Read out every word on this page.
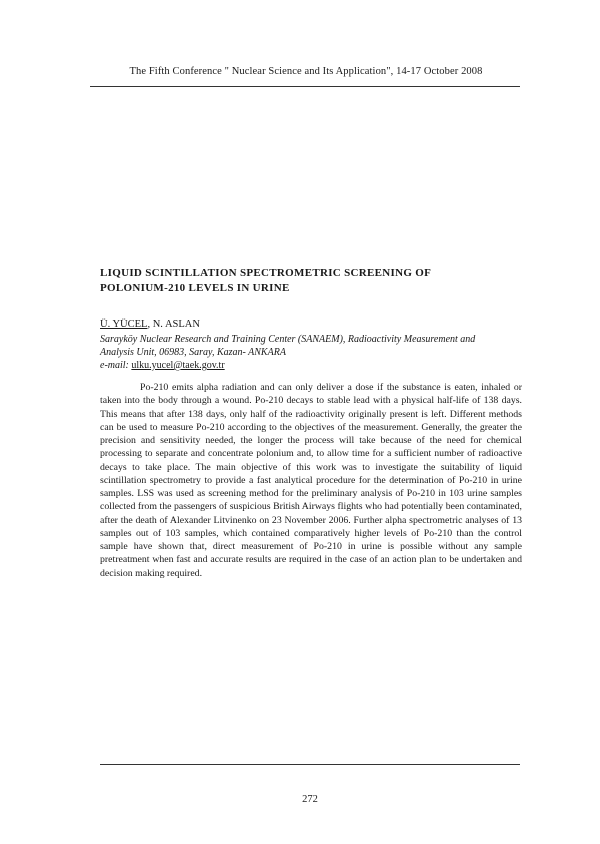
The Fifth Conference " Nuclear Science and Its Application", 14-17 October 2008
LIQUID SCINTILLATION SPECTROMETRIC SCREENING OF
POLONIUM-210 LEVELS IN URINE
Ü. YÜCEL, N. ASLAN
Sarayköy Nuclear Research and Training Center (SANAEM), Radioactivity Measurement and
Analysis Unit, 06983, Saray, Kazan- ANKARA
e-mail: ulku.yucel@taek.gov.tr

Po-210 emits alpha radiation and can only deliver a dose if the substance is eaten, inhaled or taken into the body through a wound. Po-210 decays to stable lead with a physical half-life of 138 days. This means that after 138 days, only half of the radioactivity originally present is left. Different methods can be used to measure Po-210 according to the objectives of the measurement. Generally, the greater the precision and sensitivity needed, the longer the process will take because of the need for chemical processing to separate and concentrate polonium and, to allow time for a sufficient number of radioactive decays to take place. The main objective of this work was to investigate the suitability of liquid scintillation spectrometry to provide a fast analytical procedure for the determination of Po-210 in urine samples. LSS was used as screening method for the preliminary analysis of Po-210 in 103 urine samples collected from the passengers of suspicious British Airways flights who had potentially been contaminated, after the death of Alexander Litvinenko on 23 November 2006. Further alpha spectrometric analyses of 13 samples out of 103 samples, which contained comparatively higher levels of Po-210 than the control sample have shown that, direct measurement of Po-210 in urine is possible without any sample pretreatment when fast and accurate results are required in the case of an action plan to be undertaken and decision making required.

272
